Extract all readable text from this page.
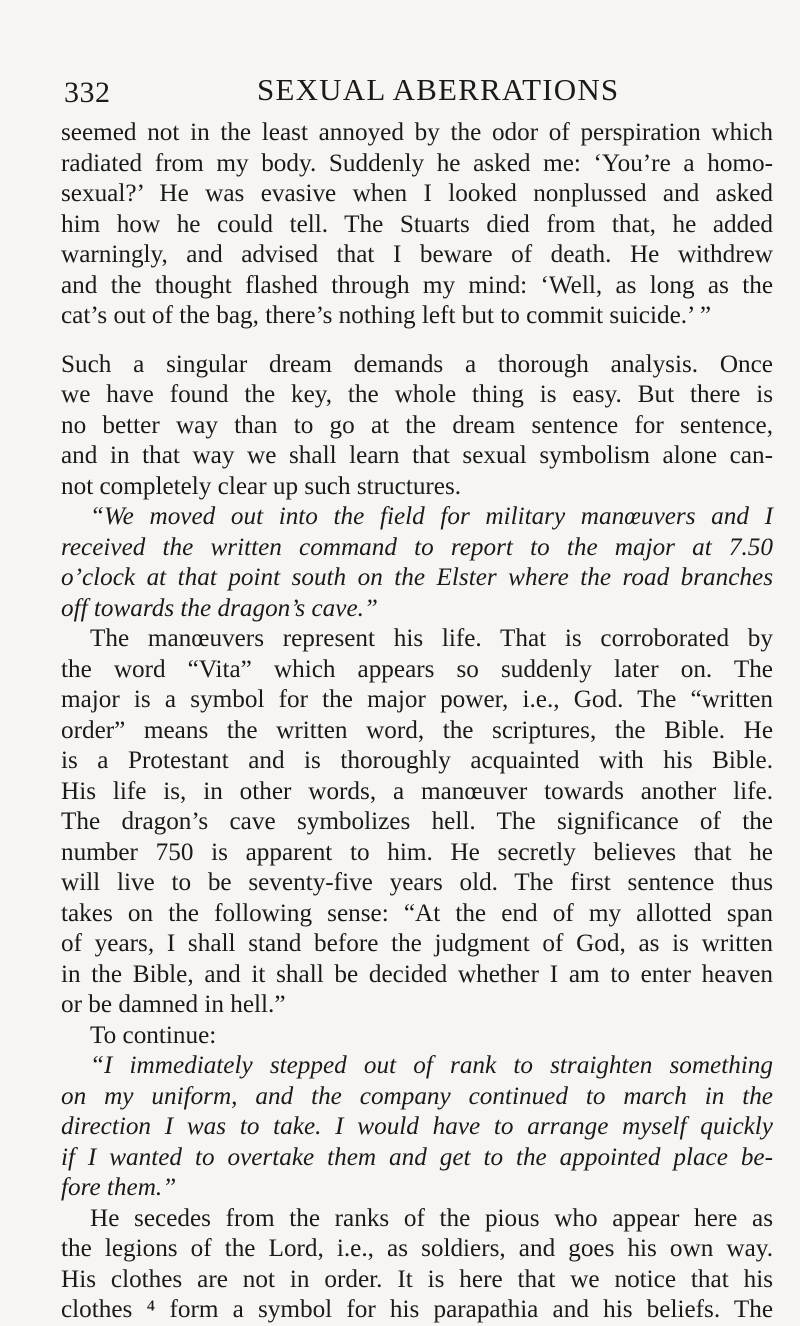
332	SEXUAL ABERRATIONS
seemed not in the least annoyed by the odor of perspiration which
radiated from my body. Suddenly he asked me: ‘You’re a homo-
sexual?’ He was evasive when I looked nonplussed and asked
him how he could tell. The Stuarts died from that, he added
warningly, and advised that I beware of death. He withdrew
and the thought flashed through my mind: ‘Well, as long as the
cat’s out of the bag, there’s nothing left but to commit suicide.’ ”
Such a singular dream demands a thorough analysis. Once
we have found the key, the whole thing is easy. But there is
no better way than to go at the dream sentence for sentence,
and in that way we shall learn that sexual symbolism alone can-
not completely clear up such structures.
“We moved out into the field for military manœuvers and I
received the written command to report to the major at 7.50
o’clock at that point south on the Elster where the road branches
off towards the dragon’s cave.”
The manœuvers represent his life. That is corroborated by
the word “Vita” which appears so suddenly later on. The
major is a symbol for the major power, i.e., God. The “written
order” means the written word, the scriptures, the Bible. He
is a Protestant and is thoroughly acquainted with his Bible.
His life is, in other words, a manœuver towards another life.
The dragon’s cave symbolizes hell. The significance of the
number 750 is apparent to him. He secretly believes that he
will live to be seventy-five years old. The first sentence thus
takes on the following sense: “At the end of my allotted span
of years, I shall stand before the judgment of God, as is written
in the Bible, and it shall be decided whether I am to enter heaven
or be damned in hell.”
To continue:
“I immediately stepped out of rank to straighten something
on my uniform, and the company continued to march in the
direction I was to take. I would have to arrange myself quickly
if I wanted to overtake them and get to the appointed place be-
fore them.”
He secedes from the ranks of the pious who appear here as
the legions of the Lord, i.e., as soldiers, and goes his own way.
His clothes are not in order. It is here that we notice that his
clothes ⁴ form a symbol for his parapathia and his beliefs. The
